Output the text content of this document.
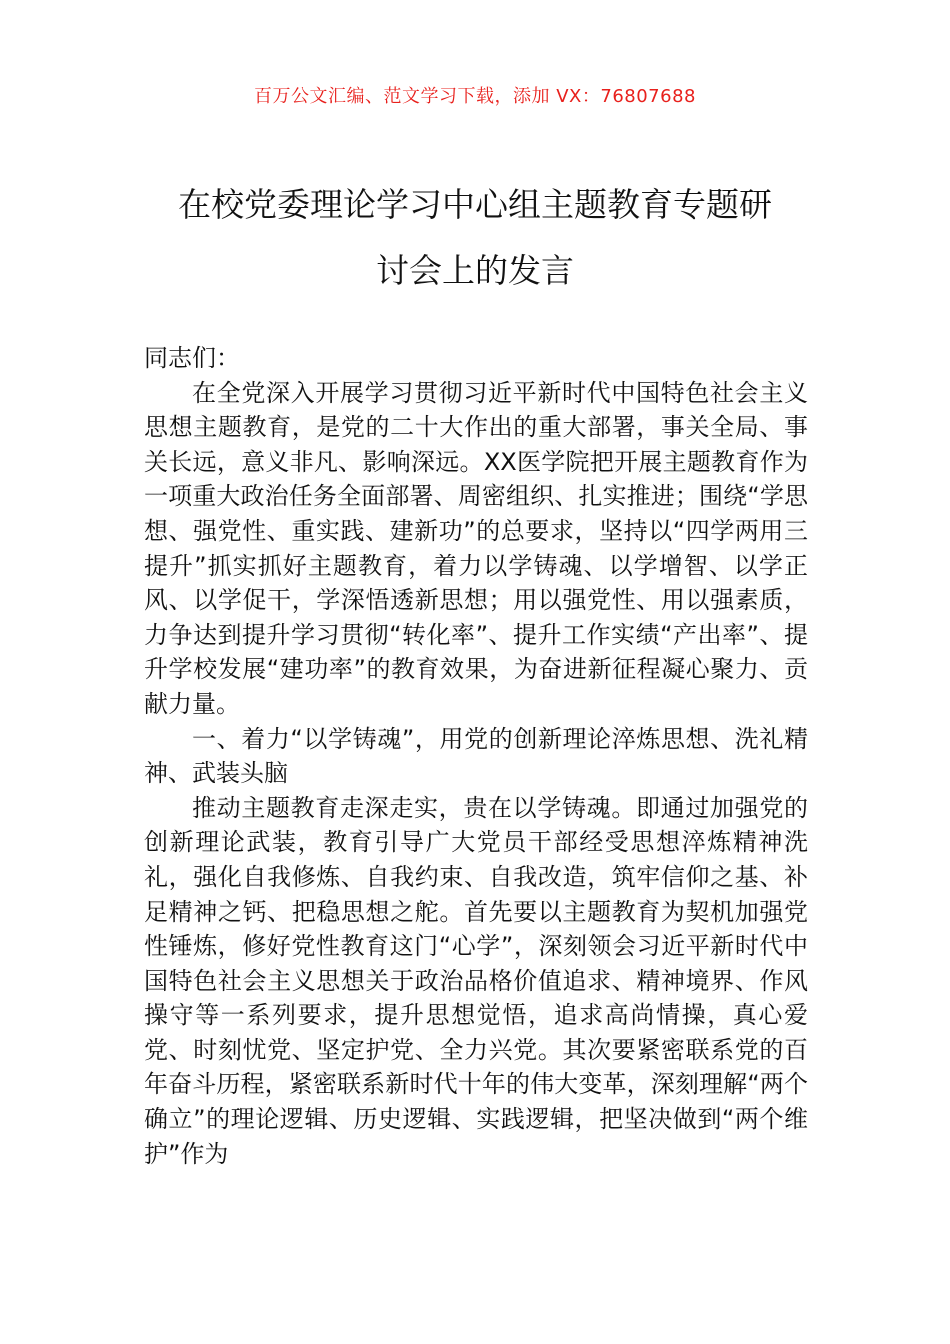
百万公文汇编、范文学习下载，添加 VX：76807688
在校党委理论学习中心组主题教育专题研
讨会上的发言

同志们：

在全党深入开展学习贯彻习近平新时代中国特色社会主义思想主题教育，是党的二十大作出的重大部署，事关全局、事关长远，意义非凡、影响深远。XX医学院把开展主题教育作为一项重大政治任务全面部署、周密组织、扎实推进；围绕“学思想、强党性、重实践、建新功”的总要求，坚持以“四学两用三提升”抓实抓好主题教育，着力以学铸魂、以学增智、以学正风、以学促干，学深悟透新思想；用以强党性、用以强素质，力争达到提升学习贯彻“转化率”、提升工作实绩“产出率”、提升学校发展“建功率”的教育效果，为奋进新征程凝心聚力、贡献力量。

一、着力“以学铸魂”，用党的创新理论淬炼思想、洗礼精神、武装头脑

推动主题教育走深走实，贵在以学铸魂。即通过加强党的创新理论武装，教育引导广大党员干部经受思想淬炼精神洗礼，强化自我修炼、自我约束、自我改造，筑牢信仰之基、补足精神之钙、把稳思想之舵。首先要以主题教育为契机加强党性锤炼，修好党性教育这门“心学”，深刻领会习近平新时代中国特色社会主义思想关于政治品格价值追求、精神境界、作风操守等一系列要求，提升思想觉悟，追求高尚情操，真心爱党、时刻忧党、坚定护党、全力兴党。其次要紧密联系党的百年奋斗历程，紧密联系新时代十年的伟大变革，深刻理解“两个确立”的理论逻辑、历史逻辑、实践逻辑，把坚决做到“两个维护”作为
